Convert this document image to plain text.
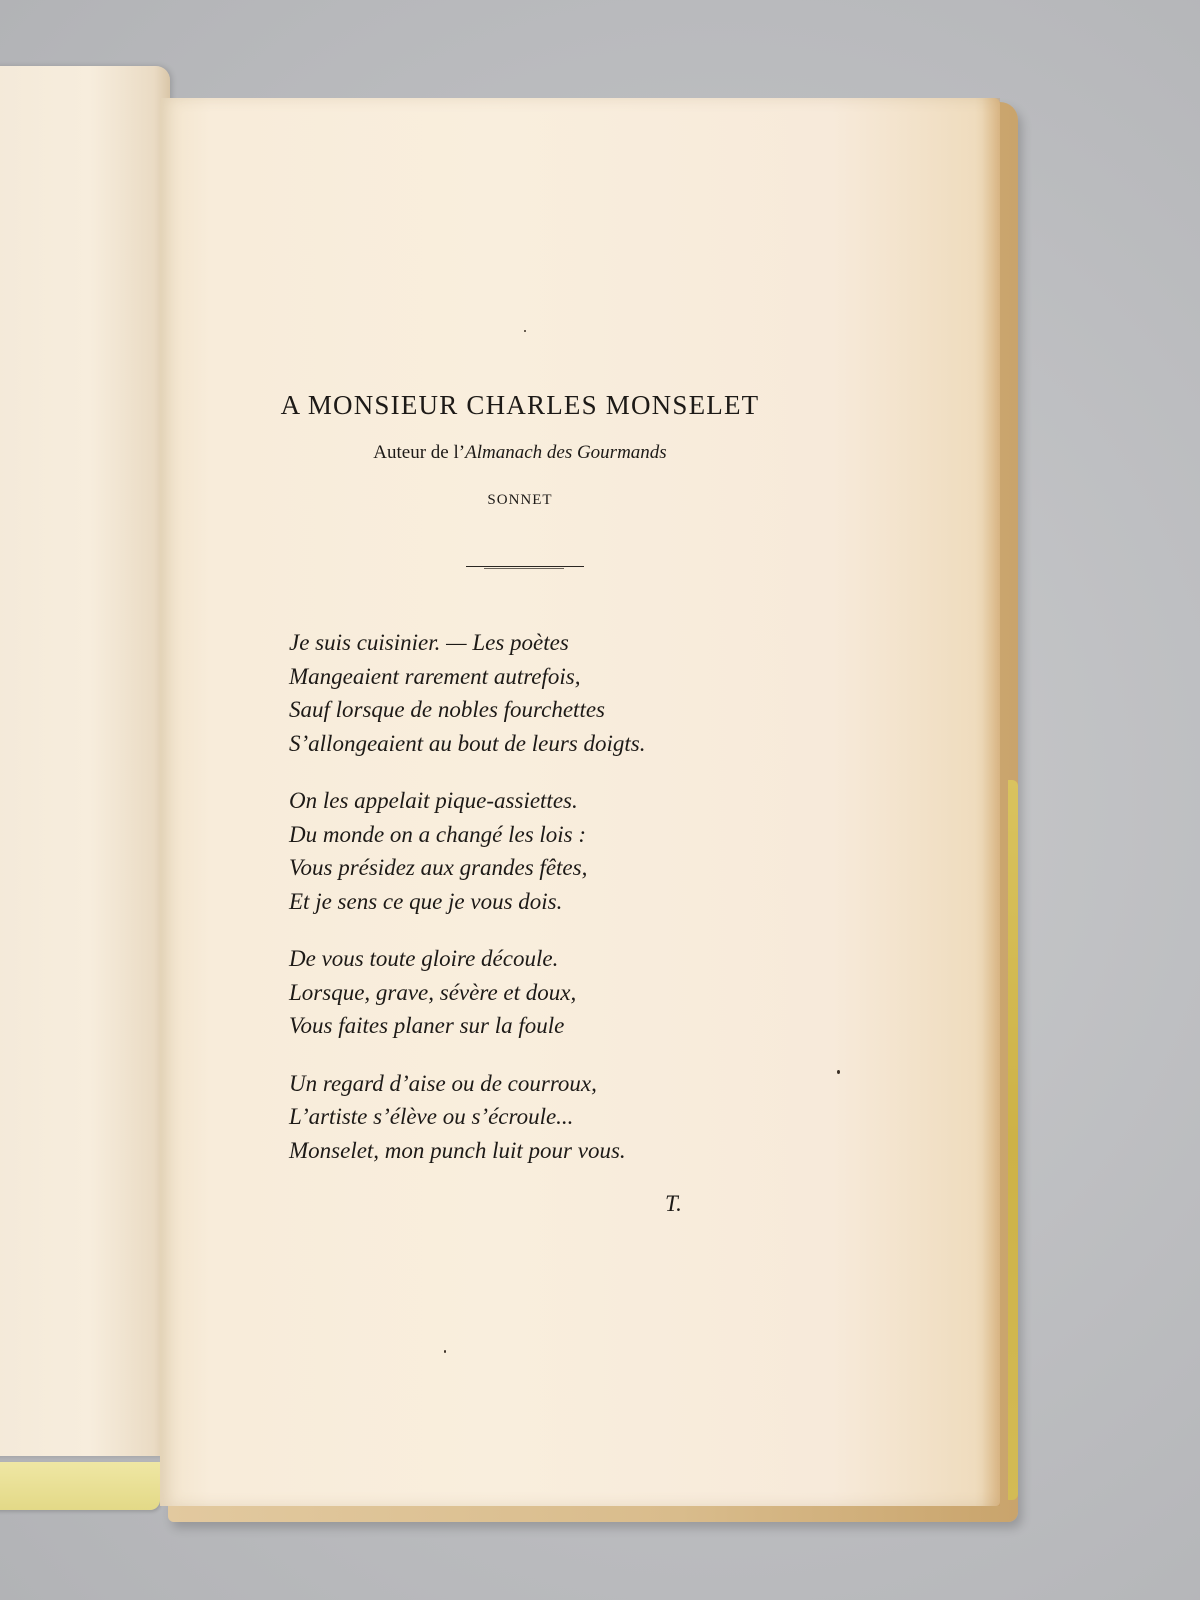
A MONSIEUR CHARLES MONSELET
Auteur de l’Almanach des Gourmands
SONNET
Je suis cuisinier. — Les poètes
Mangeaient rarement autrefois,
Sauf lorsque de nobles fourchettes
S’allongeaient au bout de leurs doigts.
On les appelait pique-assiettes.
Du monde on a changé les lois :
Vous présidez aux grandes fêtes,
Et je sens ce que je vous dois.
De vous toute gloire découle.
Lorsque, grave, sévère et doux,
Vous faites planer sur la foule
Un regard d’aise ou de courroux,
L’artiste s’élève ou s’écroule...
Monselet, mon punch luit pour vous.
T.
